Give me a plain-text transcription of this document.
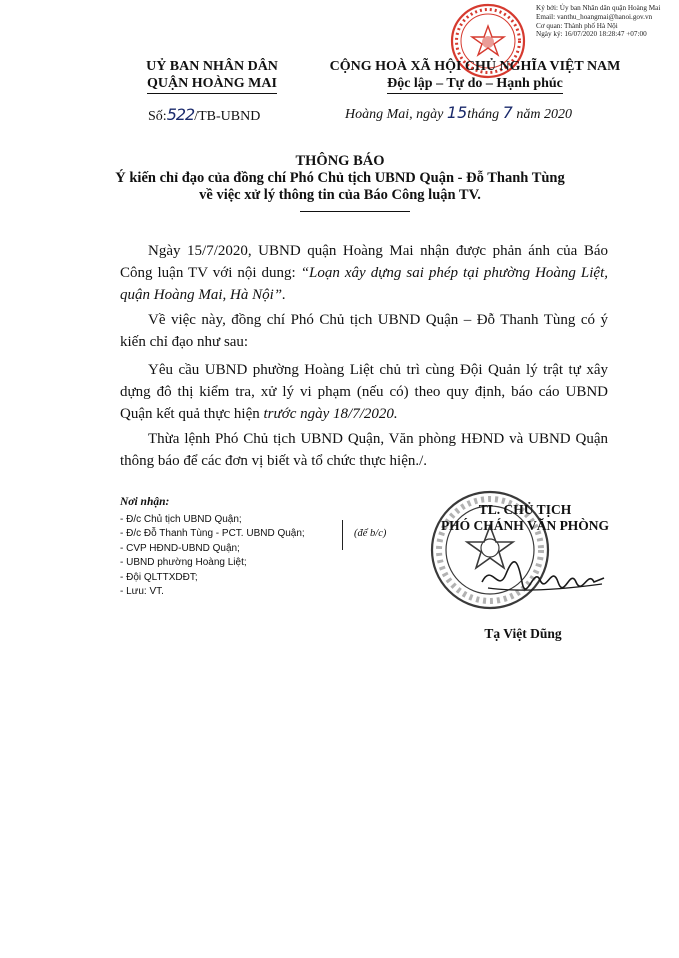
Ký bởi: Ủy ban Nhân dân quận Hoàng Mai
Email: vanthu_hoangmai@hanoi.gov.vn
Cơ quan: Thành phố Hà Nội
Ngày ký: 16/07/2020 18:28:47 +07:00
UỶ BAN NHÂN DÂN
QUẬN HOÀNG MAI
Số:522/TB-UBND
CỘNG HOÀ XÃ HỘI CHỦ NGHĨA VIỆT NAM
Độc lập – Tự do – Hạnh phúc
Hoàng Mai, ngày 15tháng 7 năm 2020
THÔNG BÁO
Ý kiến chỉ đạo của đồng chí Phó Chủ tịch UBND Quận - Đỗ Thanh Tùng
về việc xử lý thông tin của Báo Công luận TV.
Ngày 15/7/2020, UBND quận Hoàng Mai nhận được phản ánh của Báo Công luận TV với nội dung: “Loạn xây dựng sai phép tại phường Hoàng Liệt, quận Hoàng Mai, Hà Nội”.
Về việc này, đồng chí Phó Chủ tịch UBND Quận – Đỗ Thanh Tùng có ý kiến chỉ đạo như sau:
Yêu cầu UBND phường Hoàng Liệt chủ trì cùng Đội Quản lý trật tự xây dựng đô thị kiểm tra, xử lý vi phạm (nếu có) theo quy định, báo cáo UBND Quận kết quả thực hiện trước ngày 18/7/2020.
Thừa lệnh Phó Chủ tịch UBND Quận, Văn phòng HĐND và UBND Quận thông báo để các đơn vị biết và tổ chức thực hiện./.
Nơi nhận:
- Đ/c Chủ tịch UBND Quận;
- Đ/c Đỗ Thanh Tùng - PCT. UBND Quận;
- CVP HĐND-UBND Quận;
- UBND phường Hoàng Liệt;
- Đội QLTTXDĐT;
- Lưu: VT.
(để b/c)
TL. CHỦ TỊCH
PHÓ CHÁNH VĂN PHÒNG
Tạ Việt Dũng
